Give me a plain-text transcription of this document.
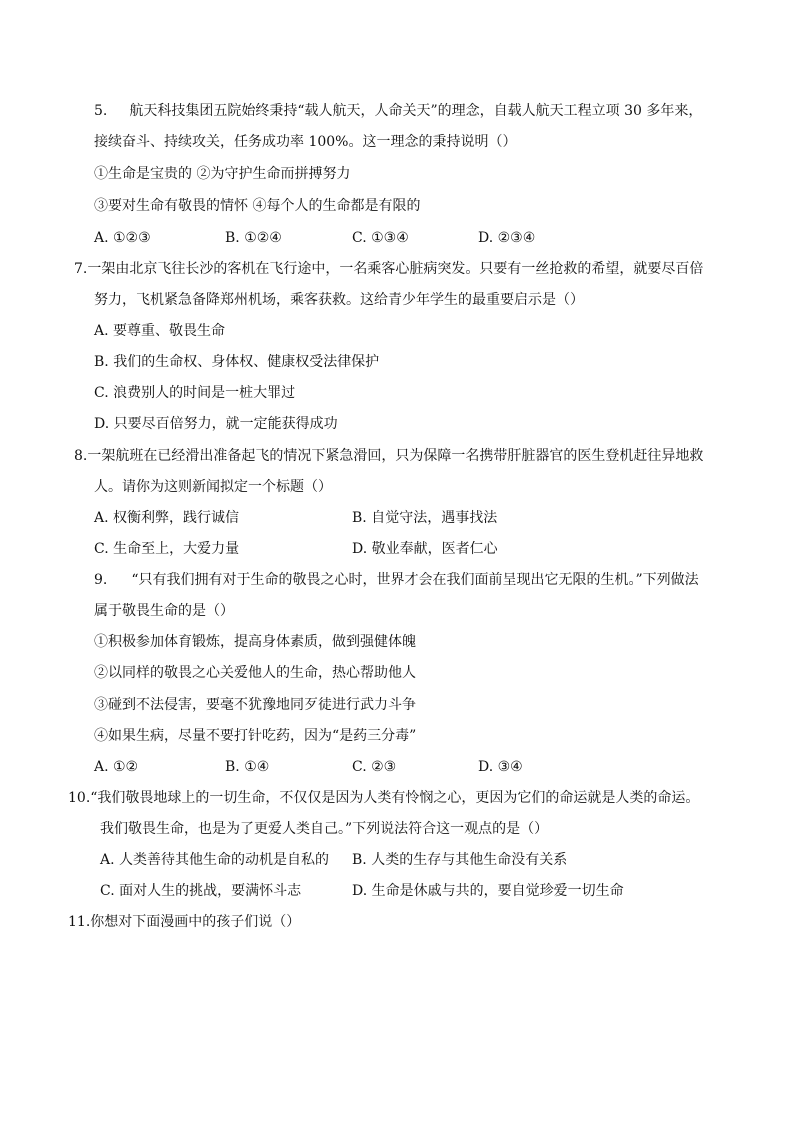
5. 航天科技集团五院始终秉持“载人航天，人命关天”的理念，自载人航天工程立项 30 多年来，
接续奋斗、持续攻关，任务成功率 100%。这一理念的秉持说明（）
①生命是宝贵的 ②为守护生命而拼搏努力
③要对生命有敬畏的情怀 ④每个人的生命都是有限的
A. ①②③	B. ①②④	C. ①③④	D. ②③④
7.一架由北京飞往长沙的客机在飞行途中，一名乘客心脏病突发。只要有一丝抢救的希望，就要尽百倍
努力，飞机紧急备降郑州机场，乘客获救。这给青少年学生的最重要启示是（）
A. 要尊重、敬畏生命
B. 我们的生命权、身体权、健康权受法律保护
C. 浪费别人的时间是一桩大罪过
D. 只要尽百倍努力，就一定能获得成功
8.一架航班在已经滑出准备起飞的情况下紧急滑回，只为保障一名携带肝脏器官的医生登机赶往异地救
人。请你为这则新闻拟定一个标题（）
A. 权衡利弊，践行诚信	B. 自觉守法，遇事找法
C. 生命至上，大爱力量	D. 敬业奉献，医者仁心
9. “只有我们拥有对于生命的敬畏之心时，世界才会在我们面前呈现出它无限的生机。”下列做法
属于敬畏生命的是（）
①积极参加体育锻炼，提高身体素质，做到强健体魄
②以同样的敬畏之心关爱他人的生命，热心帮助他人
③碰到不法侵害，要毫不犹豫地同歹徒进行武力斗争
④如果生病，尽量不要打针吃药，因为“是药三分毒”
A. ①②	B. ①④	C. ②③	D. ③④
10.“我们敬畏地球上的一切生命，不仅仅是因为人类有怜悯之心，更因为它们的命运就是人类的命运。
我们敬畏生命，也是为了更爱人类自己。”下列说法符合这一观点的是（）
A. 人类善待其他生命的动机是自私的 B. 人类的生存与其他生命没有关系
C. 面对人生的挑战，要满怀斗志	D. 生命是休戚与共的，要自觉珍爱一切生命
11.你想对下面漫画中的孩子们说（）
